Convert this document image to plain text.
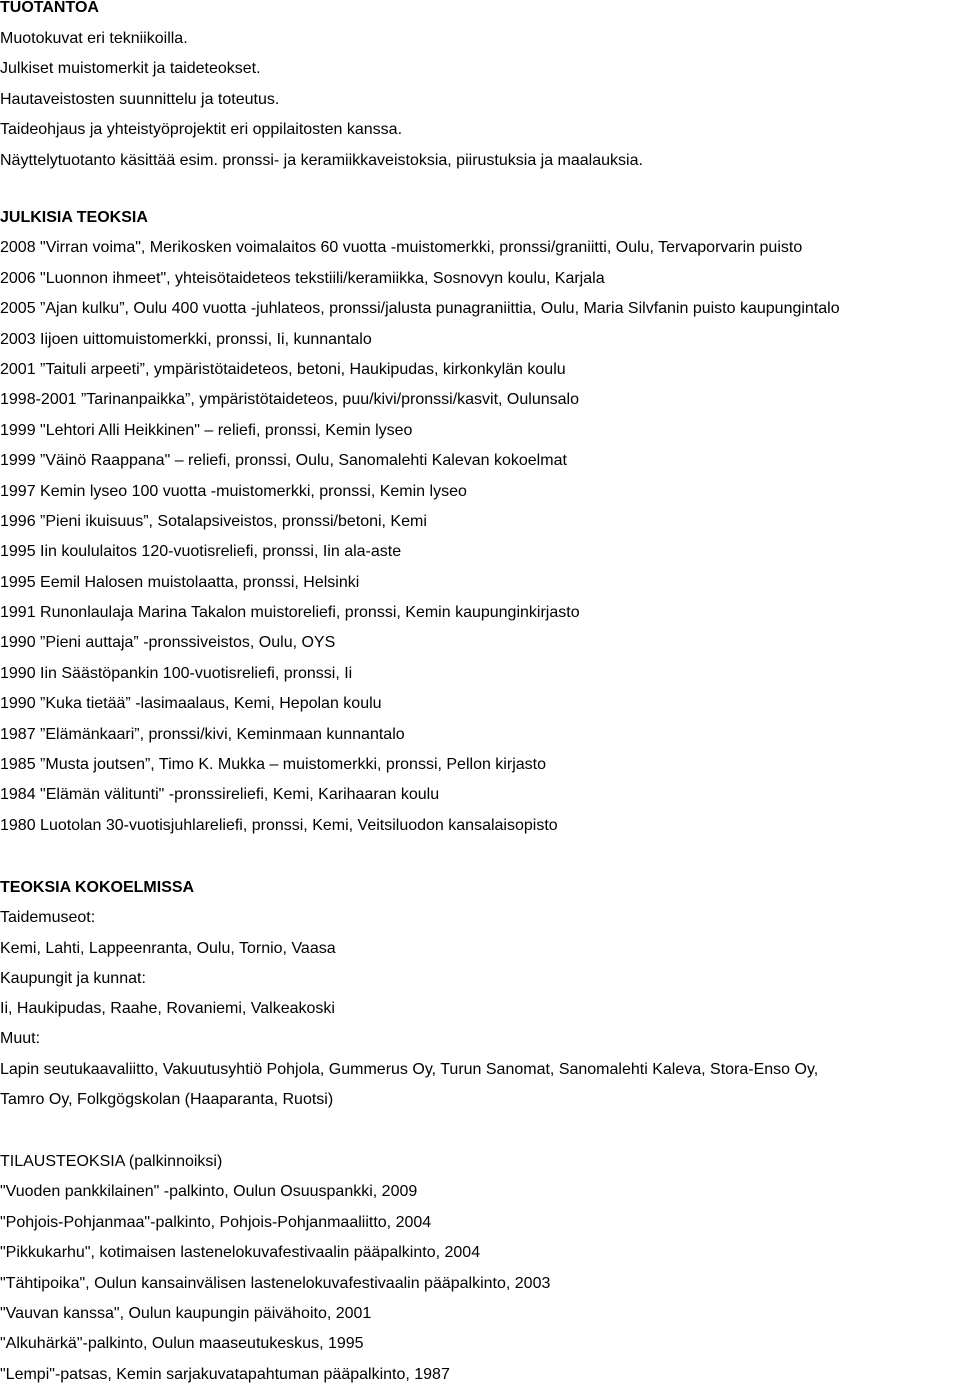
TUOTANTOA
Muotokuvat eri tekniikoilla.
Julkiset muistomerkit ja taideteokset.
Hautaveistosten suunnittelu ja toteutus.
Taideohjaus ja yhteistyöprojektit eri oppilaitosten kanssa.
Näyttelytuotanto käsittää esim. pronssi- ja keramiikkaveistoksia, piirustuksia ja maalauksia.
JULKISIA TEOKSIA
2008 "Virran voima", Merikosken voimalaitos 60 vuotta -muistomerkki, pronssi/graniitti, Oulu, Tervaporvarin puisto
2006 "Luonnon ihmeet", yhteisötaideteos tekstiili/keramiikka, Sosnovyn koulu, Karjala
2005 ”Ajan kulku”, Oulu 400 vuotta -juhlateos, pronssi/jalusta punagraniittia, Oulu, Maria Silvfanin puisto kaupungintalo
2003 Iijoen uittomuistomerkki, pronssi, Ii, kunnantalo
2001 ”Taituli arpeeti”, ympäristötaideteos, betoni, Haukipudas, kirkonkylän koulu
1998-2001 ”Tarinanpaikka”, ympäristötaideteos, puu/kivi/pronssi/kasvit, Oulunsalo
1999 "Lehtori Alli Heikkinen" – reliefi, pronssi, Kemin lyseo
1999 ”Väinö Raappana" – reliefi, pronssi, Oulu, Sanomalehti Kalevan kokoelmat
1997 Kemin lyseo 100 vuotta -muistomerkki, pronssi, Kemin lyseo
1996 ”Pieni ikuisuus”, Sotalapsiveistos, pronssi/betoni, Kemi
1995 Iin koululaitos 120-vuotisreliefi, pronssi, Iin ala-aste
1995 Eemil Halosen muistolaatta, pronssi, Helsinki
1991 Runonlaulaja Marina Takalon muistoreliefi, pronssi, Kemin kaupunginkirjasto
1990 ”Pieni auttaja” -pronssiveistos, Oulu, OYS
1990 Iin Säästöpankin 100-vuotisreliefi, pronssi, Ii
1990 ”Kuka tietää” -lasimaalaus, Kemi, Hepolan koulu
1987 ”Elämänkaari”, pronssi/kivi, Keminmaan kunnantalo
1985 ”Musta joutsen”, Timo K. Mukka – muistomerkki, pronssi, Pellon kirjasto
1984 "Elämän välitunti" -pronssireliefi, Kemi, Karihaaran koulu
1980 Luotolan 30-vuotisjuhlareliefi, pronssi, Kemi, Veitsiluodon kansalaisopisto
TEOKSIA KOKOELMISSA
Taidemuseot:
Kemi, Lahti, Lappeenranta, Oulu, Tornio, Vaasa
Kaupungit ja kunnat:
Ii, Haukipudas, Raahe, Rovaniemi, Valkeakoski
Muut:
Lapin seutukaavaliitto, Vakuutusyhtiö Pohjola, Gummerus Oy, Turun Sanomat, Sanomalehti Kaleva, Stora-Enso Oy,
Tamro Oy, Folkgögskolan (Haaparanta, Ruotsi)
TILAUSTEOKSIA (palkinnoiksi)
"Vuoden pankkilainen" -palkinto, Oulun Osuuspankki, 2009
"Pohjois-Pohjanmaa"-palkinto, Pohjois-Pohjanmaaliitto, 2004
"Pikkukarhu", kotimaisen lastenelokuvafestivaalin pääpalkinto, 2004
"Tähtipoika", Oulun kansainvälisen lastenelokuvafestivaalin pääpalkinto, 2003
"Vauvan kanssa", Oulun kaupungin päivähoito, 2001
"Alkuhärkä"-palkinto, Oulun maaseutukeskus, 1995
"Lempi"-patsas, Kemin sarjakuvatapahtuman pääpalkinto, 1987
